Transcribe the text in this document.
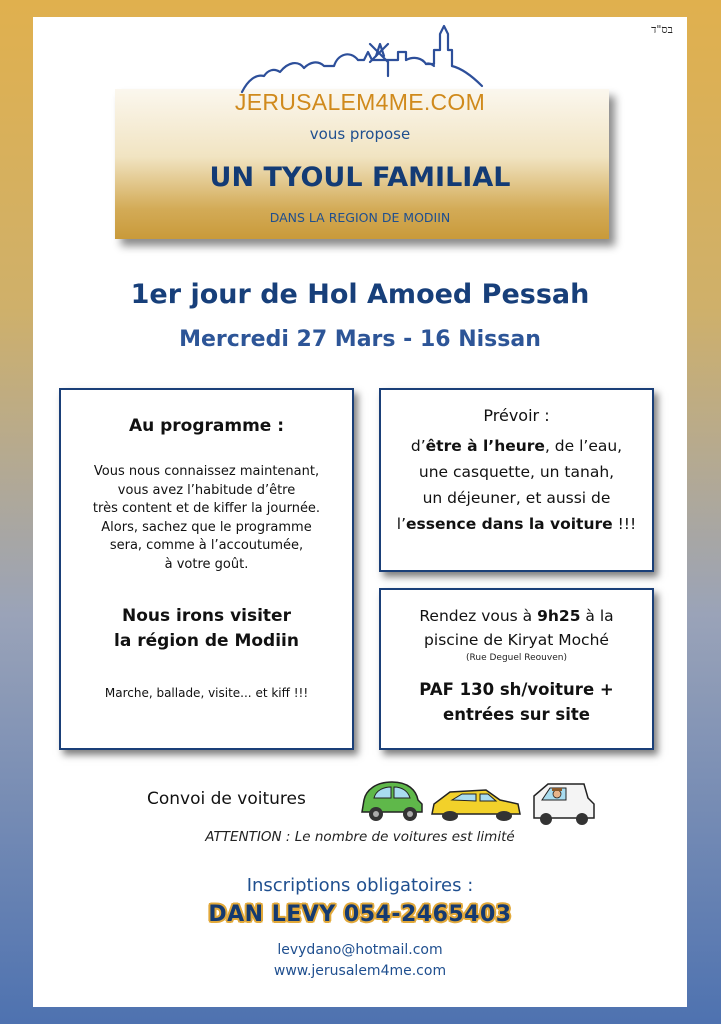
בס"ד
JERUSALEM4ME.COM
vous propose
UN TYOUL FAMILIAL
DANS LA REGION DE MODIIN
1er jour de Hol Amoed Pessah
Mercredi 27 Mars - 16 Nissan
Au programme :
Vous nous connaissez maintenant,
vous avez l’habitude d’être
très content et de kiffer la journée.
Alors, sachez que le programme
sera, comme à l’accoutumée,
à votre goût.
Nous irons visiter
la région de Modiin
Marche, ballade, visite... et kiff !!!
Prévoir :
d’être à l’heure, de l’eau,
une casquette, un tanah,
un déjeuner, et aussi de
l’essence dans la voiture !!!
Rendez vous à 9h25 à la
piscine de Kiryat Moché
(Rue Deguel Reouven)
PAF 130 sh/voiture +
entrées sur site
Convoi de voitures
ATTENTION : Le nombre de voitures est limité
Inscriptions obligatoires :
DAN LEVY 054-2465403
levydano@hotmail.com
www.jerusalem4me.com
